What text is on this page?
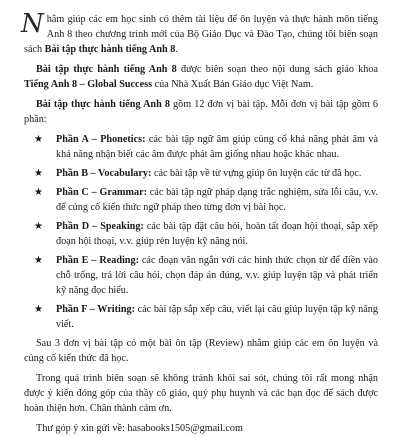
Nhằm giúp các em học sinh có thêm tài liệu để ôn luyện và thực hành môn tiếng Anh 8 theo chương trình mới của Bộ Giáo Dục và Đào Tạo, chúng tôi biên soạn sách Bài tập thực hành tiếng Anh 8.

Bài tập thực hành tiếng Anh 8 được biên soạn theo nội dung sách giáo khoa Tiếng Anh 8 – Global Success của Nhà Xuất Bản Giáo dục Việt Nam.

Bài tập thực hành tiếng Anh 8 gồm 12 đơn vị bài tập. Mỗi đơn vị bài tập gồm 6 phần:

★ Phần A – Phonetics: các bài tập ngữ âm giúp củng cố khả năng phát âm và khả năng nhận biết các âm được phát âm giống nhau hoặc khác nhau.
★ Phần B – Vocabulary: các bài tập về từ vựng giúp ôn luyện các từ đã học.
★ Phần C – Grammar: các bài tập ngữ pháp dạng trắc nghiệm, sửa lỗi câu, v.v. để củng cố kiến thức ngữ pháp theo từng đơn vị bài học.
★ Phần D – Speaking: các bài tập đặt câu hỏi, hoàn tất đoạn hội thoại, sắp xếp đoạn hội thoại, v.v. giúp rèn luyện kỹ năng nói.
★ Phần E – Reading: các đoạn văn ngắn với các hình thức chọn từ để điền vào chỗ trống, trả lời câu hỏi, chọn đáp án đúng, v.v. giúp luyện tập và phát triển kỹ năng đọc hiểu.
★ Phần F – Writing: các bài tập sắp xếp câu, viết lại câu giúp luyện tập kỹ năng viết.

Sau 3 đơn vị bài tập có một bài ôn tập (Review) nhằm giúp các em ôn luyện và củng cố kiến thức đã học.

Trong quá trình biên soạn sẽ không tránh khỏi sai sót, chúng tôi rất mong nhận được ý kiến đóng góp của thầy cô giáo, quý phụ huynh và các bạn đọc để sách được hoàn thiện hơn. Chân thành cảm ơn.

Thư góp ý xin gửi về: hasabooks1505@gmail.com
